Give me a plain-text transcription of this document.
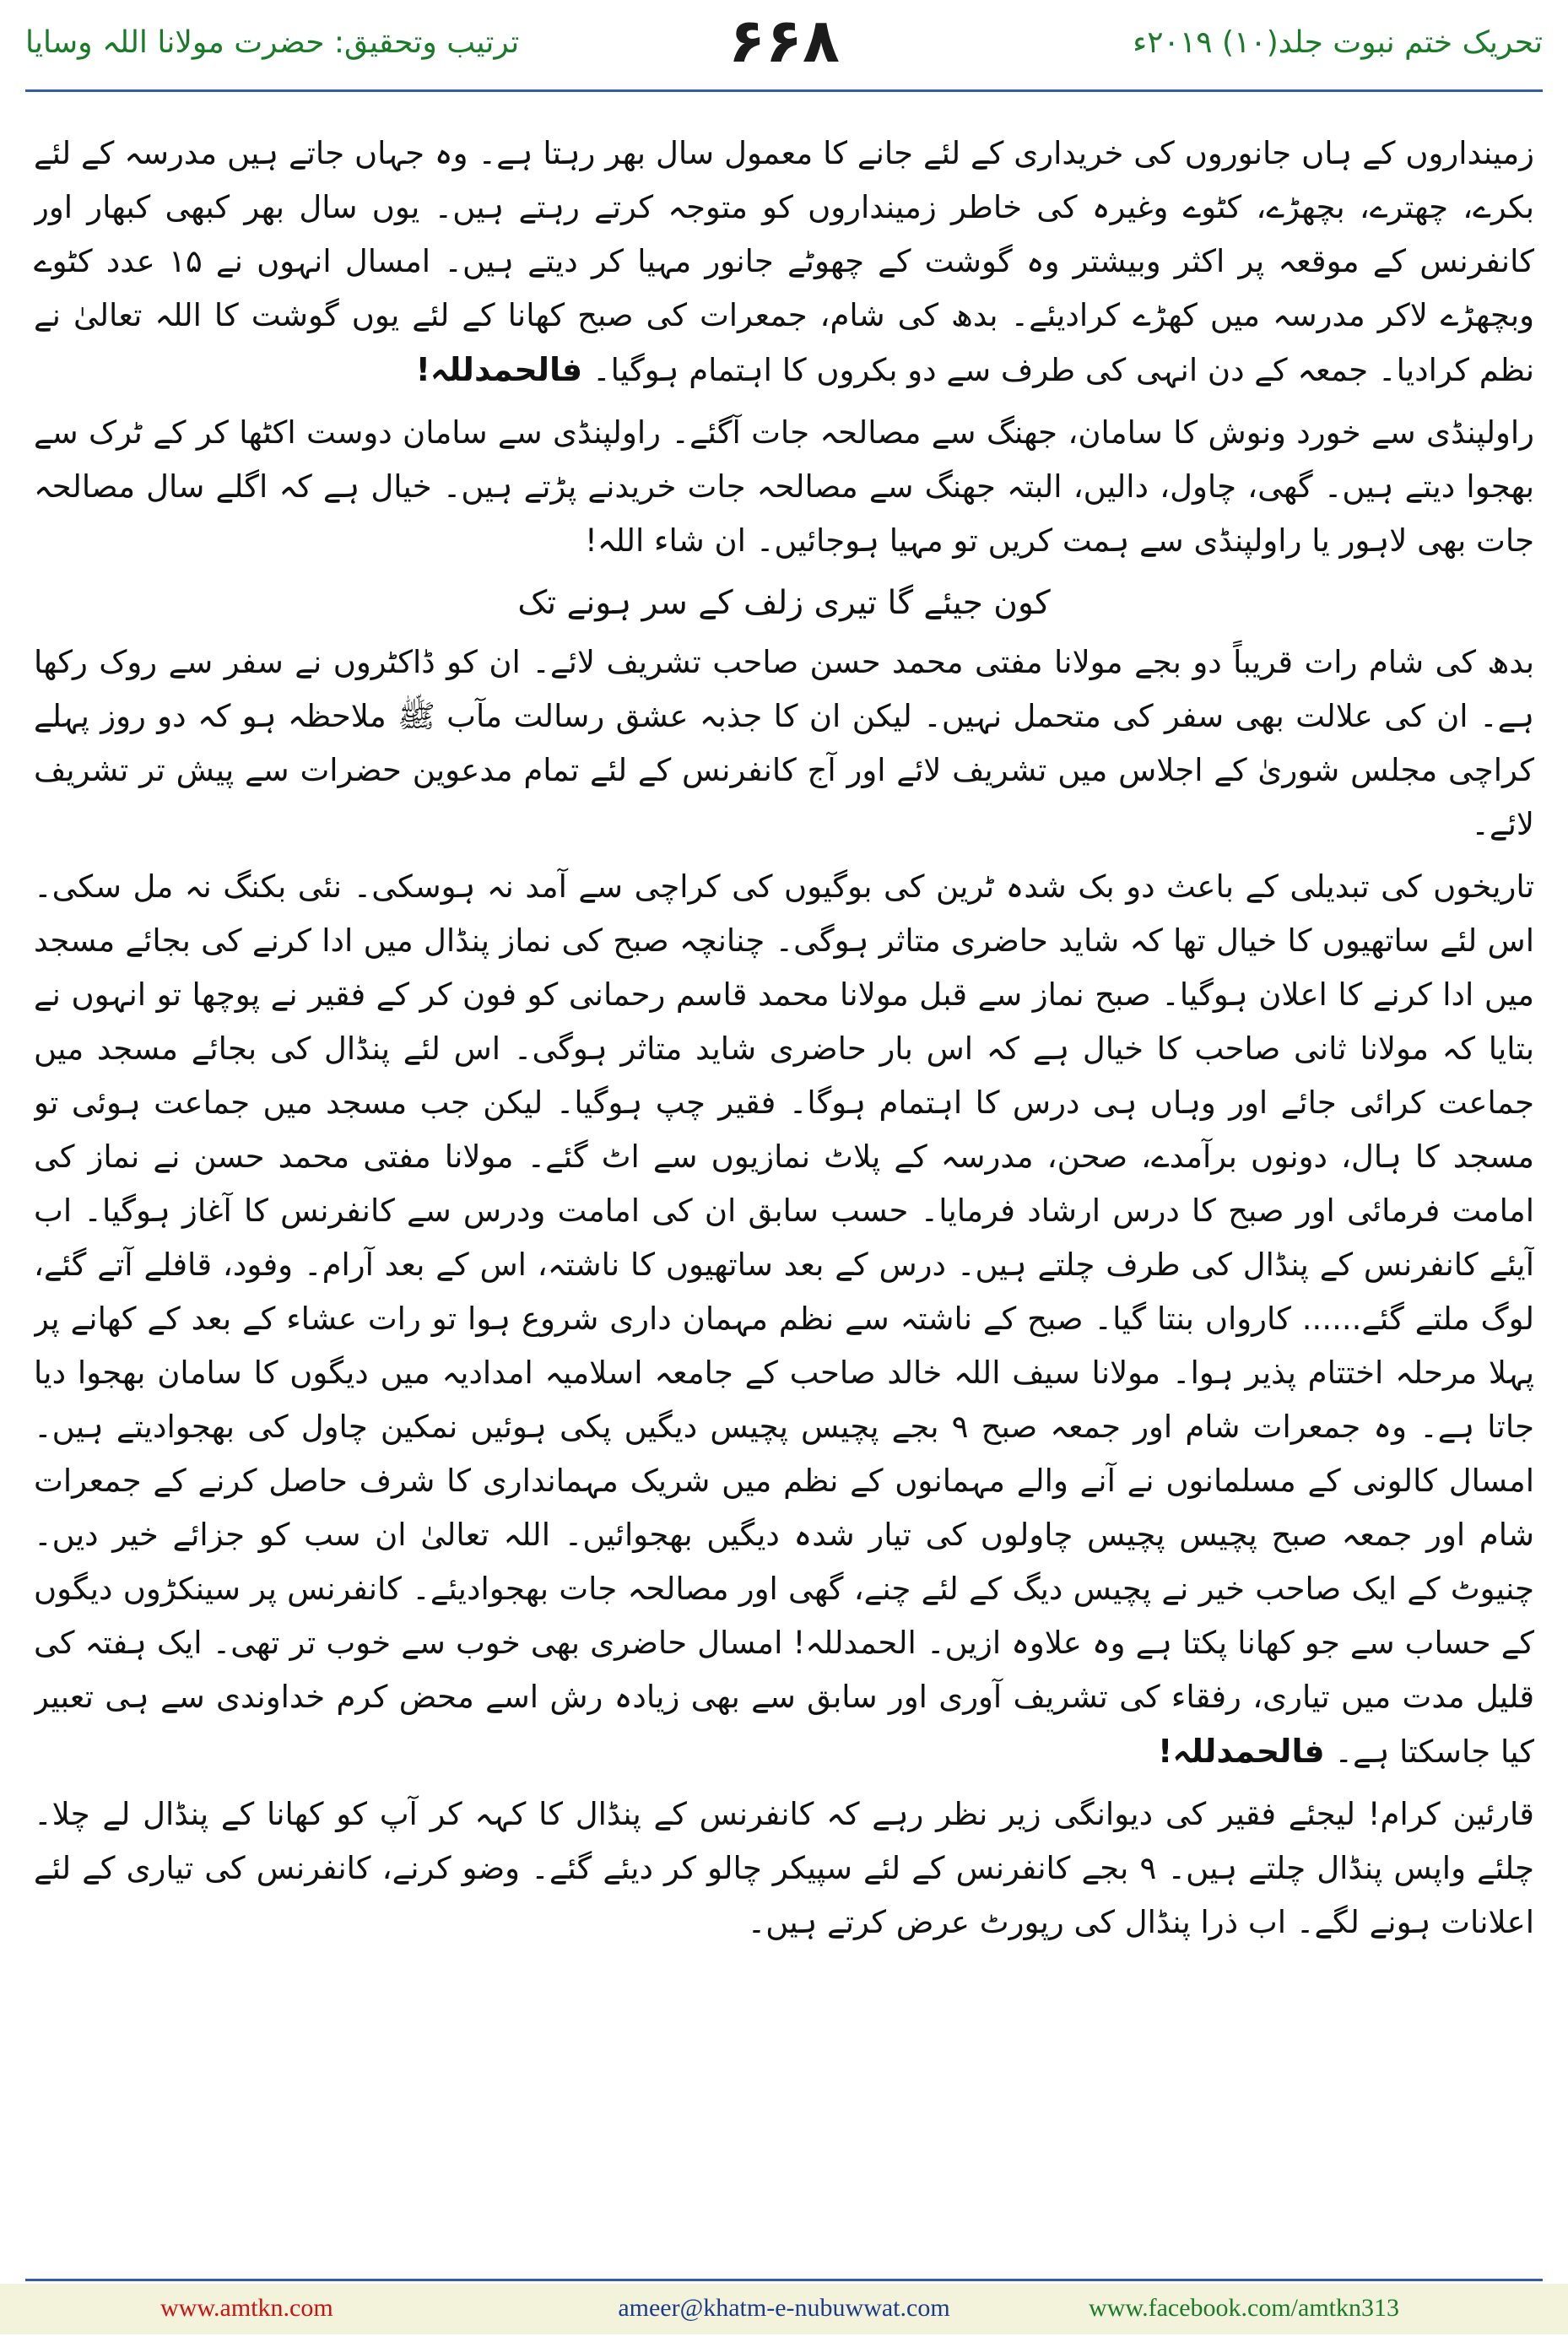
ترتیب وتحقیق: حضرت مولانا اللہ وسایا	۶۶۸	تحریک ختم نبوت جلد(۱۰) ۲۰۱۹ء

زمینداروں کے ہاں جانوروں کی خریداری کے لئے جانے کا معمول سال بھر رہتا ہے۔ وہ جہاں جاتے ہیں مدرسہ کے لئے بکرے، چھترے، بچھڑے، کٹوے وغیرہ کی خاطر زمینداروں کو متوجہ کرتے رہتے ہیں۔ یوں سال بھر کبھی کبھار اور کانفرنس کے موقعہ پر اکثر وبیشتر وہ گوشت کے چھوٹے جانور مہیا کر دیتے ہیں۔ امسال انہوں نے ۱۵ عدد کٹوے وبچھڑے لاکر مدرسہ میں کھڑے کرادیئے۔ بدھ کی شام، جمعرات کی صبح کھانا کے لئے یوں گوشت کا اللہ تعالیٰ نے نظم کرادیا۔ جمعہ کے دن انہی کی طرف سے دو بکروں کا اہتمام ہوگیا۔ فالحمدللہ!

راولپنڈی سے خورد ونوش کا سامان، جھنگ سے مصالحہ جات آگئے۔ راولپنڈی سے سامان دوست اکٹھا کر کے ٹرک سے بھجوا دیتے ہیں۔ گھی، چاول، دالیں، البتہ جھنگ سے مصالحہ جات خریدنے پڑتے ہیں۔ خیال ہے کہ اگلے سال مصالحہ جات بھی لاہور یا راولپنڈی سے ہمت کریں تو مہیا ہوجائیں۔ ان شاء اللہ!

کون جیئے گا تیری زلف کے سر ہونے تک

بدھ کی شام رات قریباً دو بجے مولانا مفتی محمد حسن صاحب تشریف لائے۔ ان کو ڈاکٹروں نے سفر سے روک رکھا ہے۔ ان کی علالت بھی سفر کی متحمل نہیں۔ لیکن ان کا جذبہ عشق رسالت مآب ﷺ ملاحظہ ہو کہ دو روز پہلے کراچی مجلس شوریٰ کے اجلاس میں تشریف لائے اور آج کانفرنس کے لئے تمام مدعوین حضرات سے پیش تر تشریف لائے۔

تاریخوں کی تبدیلی کے باعث دو بک شدہ ٹرین کی بوگیوں کی کراچی سے آمد نہ ہوسکی۔ نئی بکنگ نہ مل سکی۔ اس لئے ساتھیوں کا خیال تھا کہ شاید حاضری متاثر ہوگی۔ چنانچہ صبح کی نماز پنڈال میں ادا کرنے کی بجائے مسجد میں ادا کرنے کا اعلان ہوگیا۔ صبح نماز سے قبل مولانا محمد قاسم رحمانی کو فون کر کے فقیر نے پوچھا تو انہوں نے بتایا کہ مولانا ثانی صاحب کا خیال ہے کہ اس بار حاضری شاید متاثر ہوگی۔ اس لئے پنڈال کی بجائے مسجد میں جماعت کرائی جائے اور وہاں ہی درس کا اہتمام ہوگا۔ فقیر چپ ہوگیا۔ لیکن جب مسجد میں جماعت ہوئی تو مسجد کا ہال، دونوں برآمدے، صحن، مدرسہ کے پلاٹ نمازیوں سے اٹ گئے۔ مولانا مفتی محمد حسن نے نماز کی امامت فرمائی اور صبح کا درس ارشاد فرمایا۔ حسب سابق ان کی امامت ودرس سے کانفرنس کا آغاز ہوگیا۔ اب آیئے کانفرنس کے پنڈال کی طرف چلتے ہیں۔ درس کے بعد ساتھیوں کا ناشتہ، اس کے بعد آرام۔ وفود، قافلے آتے گئے، لوگ ملتے گئے...... کارواں بنتا گیا۔ صبح کے ناشتہ سے نظم مہمان داری شروع ہوا تو رات عشاء کے بعد کے کھانے پر پہلا مرحلہ اختتام پذیر ہوا۔ مولانا سیف اللہ خالد صاحب کے جامعہ اسلامیہ امدادیہ میں دیگوں کا سامان بھجوا دیا جاتا ہے۔ وہ جمعرات شام اور جمعہ صبح ۹ بجے پچیس پچیس دیگیں پکی ہوئیں نمکین چاول کی بھجوادیتے ہیں۔ امسال کالونی کے مسلمانوں نے آنے والے مہمانوں کے نظم میں شریک مہمانداری کا شرف حاصل کرنے کے جمعرات شام اور جمعہ صبح پچیس پچیس چاولوں کی تیار شدہ دیگیں بھجوائیں۔ اللہ تعالیٰ ان سب کو جزائے خیر دیں۔ چنیوٹ کے ایک صاحب خیر نے پچیس دیگ کے لئے چنے، گھی اور مصالحہ جات بھجوادیئے۔ کانفرنس پر سینکڑوں دیگوں کے حساب سے جو کھانا پکتا ہے وہ علاوہ ازیں۔ الحمدللہ! امسال حاضری بھی خوب سے خوب تر تھی۔ ایک ہفتہ کی قلیل مدت میں تیاری، رفقاء کی تشریف آوری اور سابق سے بھی زیادہ رش اسے محض کرم خداوندی سے ہی تعبیر کیا جاسکتا ہے۔ فالحمدللہ!

قارئین کرام! لیجئے فقیر کی دیوانگی زیر نظر رہے کہ کانفرنس کے پنڈال کا کہہ کر آپ کو کھانا کے پنڈال لے چلا۔ چلئے واپس پنڈال چلتے ہیں۔ ۹ بجے کانفرنس کے لئے سپیکر چالو کر دیئے گئے۔ وضو کرنے، کانفرنس کی تیاری کے لئے اعلانات ہونے لگے۔ اب ذرا پنڈال کی رپورٹ عرض کرتے ہیں۔

www.amtkn.com	ameer@khatm-e-nubuwwat.com	www.facebook.com/amtkn313
